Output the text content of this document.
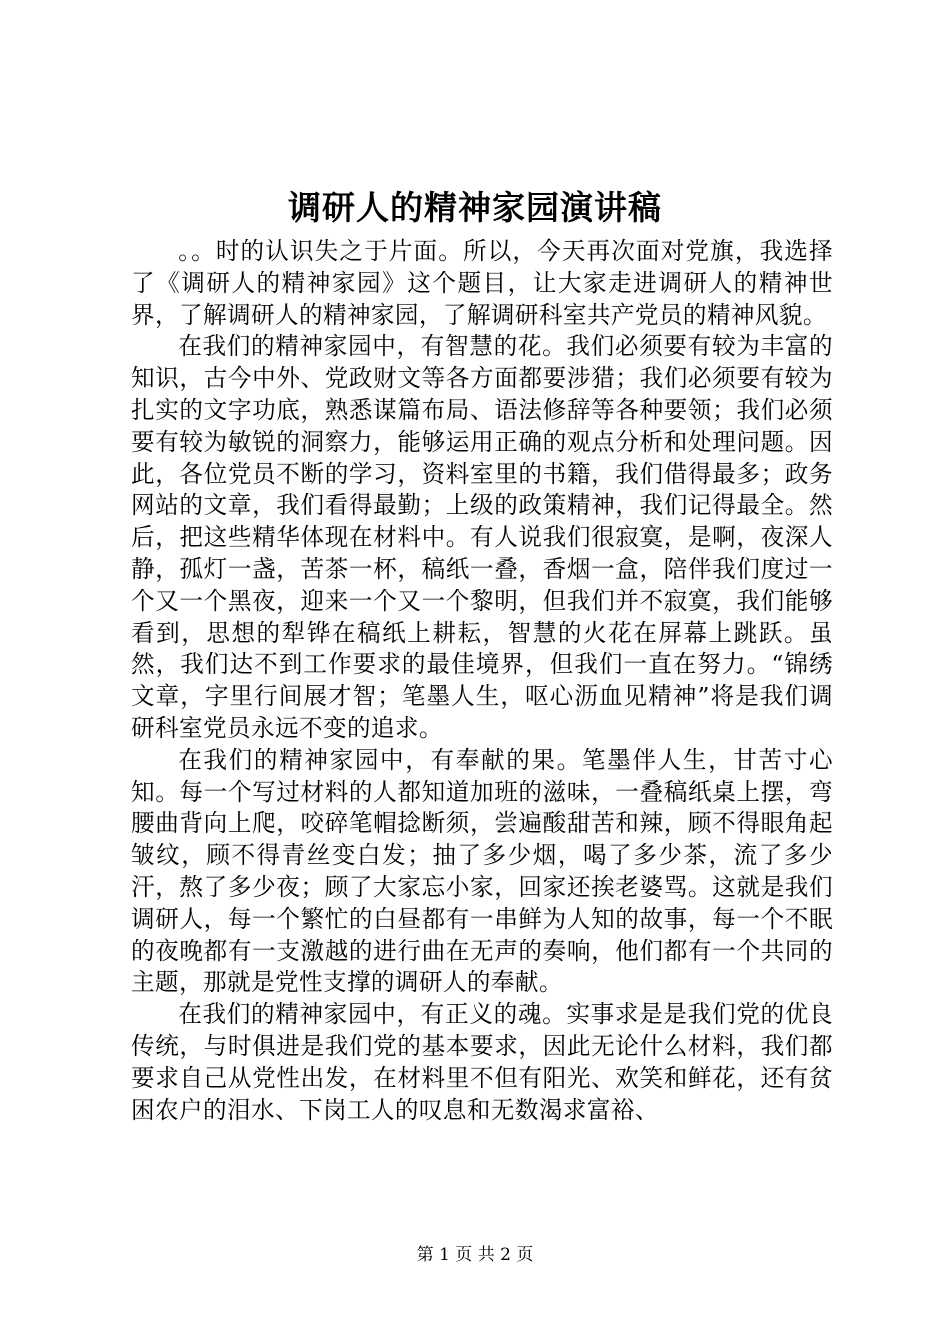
调研人的精神家园演讲稿

。。时的认识失之于片面。所以，今天再次面对党旗，我选择了《调研人的精神家园》这个题目，让大家走进调研人的精神世界，了解调研人的精神家园，了解调研科室共产党员的精神风貌。

在我们的精神家园中，有智慧的花。我们必须要有较为丰富的知识，古今中外、党政财文等各方面都要涉猎；我们必须要有较为扎实的文字功底，熟悉谋篇布局、语法修辞等各种要领；我们必须要有较为敏锐的洞察力，能够运用正确的观点分析和处理问题。因此，各位党员不断的学习，资料室里的书籍，我们借得最多；政务网站的文章，我们看得最勤；上级的政策精神，我们记得最全。然后，把这些精华体现在材料中。有人说我们很寂寞，是啊，夜深人静，孤灯一盏，苦茶一杯，稿纸一叠，香烟一盒，陪伴我们度过一个又一个黑夜，迎来一个又一个黎明，但我们并不寂寞，我们能够看到，思想的犁铧在稿纸上耕耘，智慧的火花在屏幕上跳跃。虽然，我们达不到工作要求的最佳境界，但我们一直在努力。“锦绣文章，字里行间展才智；笔墨人生，呕心沥血见精神”将是我们调研科室党员永远不变的追求。

在我们的精神家园中，有奉献的果。笔墨伴人生，甘苦寸心知。每一个写过材料的人都知道加班的滋味，一叠稿纸桌上摆，弯腰曲背向上爬，咬碎笔帽捻断须，尝遍酸甜苦和辣，顾不得眼角起皱纹，顾不得青丝变白发；抽了多少烟，喝了多少茶，流了多少汗，熬了多少夜；顾了大家忘小家，回家还挨老婆骂。这就是我们调研人，每一个繁忙的白昼都有一串鲜为人知的故事，每一个不眠的夜晚都有一支激越的进行曲在无声的奏响，他们都有一个共同的主题，那就是党性支撑的调研人的奉献。

在我们的精神家园中，有正义的魂。实事求是是我们党的优良传统，与时俱进是我们党的基本要求，因此无论什么材料，我们都要求自己从党性出发，在材料里不但有阳光、欢笑和鲜花，还有贫困农户的泪水、下岗工人的叹息和无数渴求富裕、

第 1 页 共 2 页
